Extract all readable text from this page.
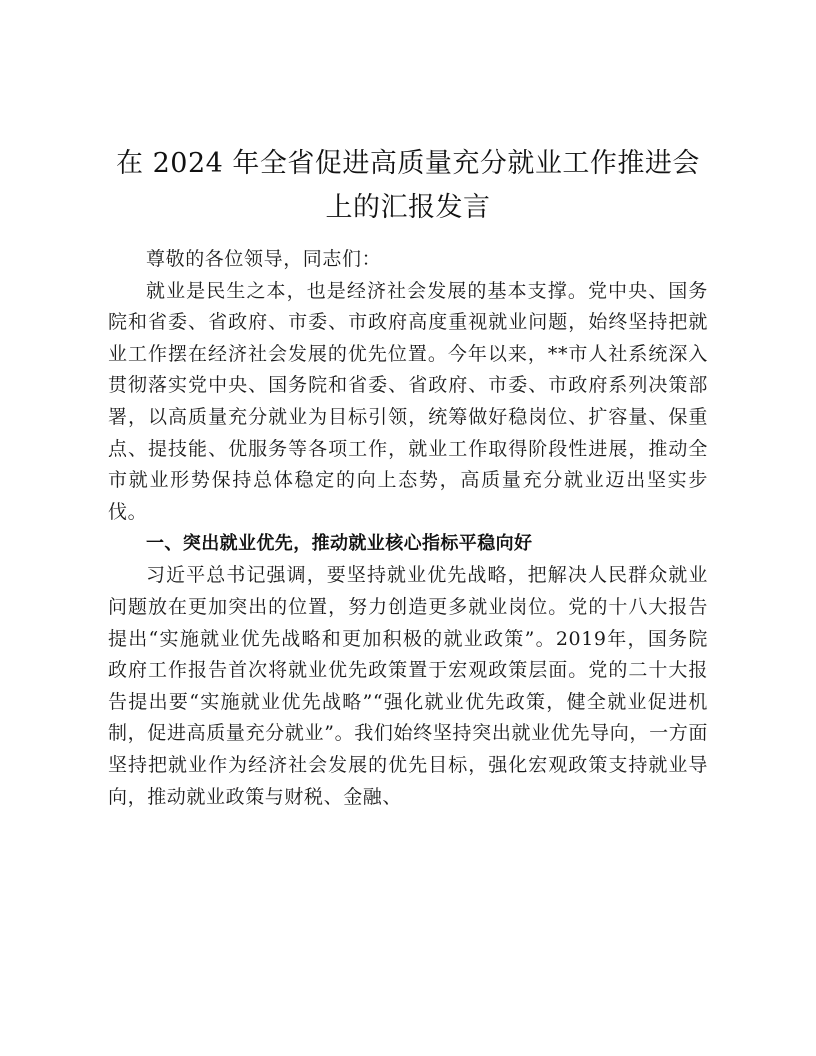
在 2024 年全省促进高质量充分就业工作推进会上的汇报发言

尊敬的各位领导，同志们：

就业是民生之本，也是经济社会发展的基本支撑。党中央、国务院和省委、省政府、市委、市政府高度重视就业问题，始终坚持把就业工作摆在经济社会发展的优先位置。今年以来，**市人社系统深入贯彻落实党中央、国务院和省委、省政府、市委、市政府系列决策部署，以高质量充分就业为目标引领，统筹做好稳岗位、扩容量、保重点、提技能、优服务等各项工作，就业工作取得阶段性进展，推动全市就业形势保持总体稳定的向上态势，高质量充分就业迈出坚实步伐。

一、突出就业优先，推动就业核心指标平稳向好

习近平总书记强调，要坚持就业优先战略，把解决人民群众就业问题放在更加突出的位置，努力创造更多就业岗位。党的十八大报告提出“实施就业优先战略和更加积极的就业政策”。2019年，国务院政府工作报告首次将就业优先政策置于宏观政策层面。党的二十大报告提出要“实施就业优先战略”“强化就业优先政策，健全就业促进机制，促进高质量充分就业”。我们始终坚持突出就业优先导向，一方面坚持把就业作为经济社会发展的优先目标，强化宏观政策支持就业导向，推动就业政策与财税、金融、
